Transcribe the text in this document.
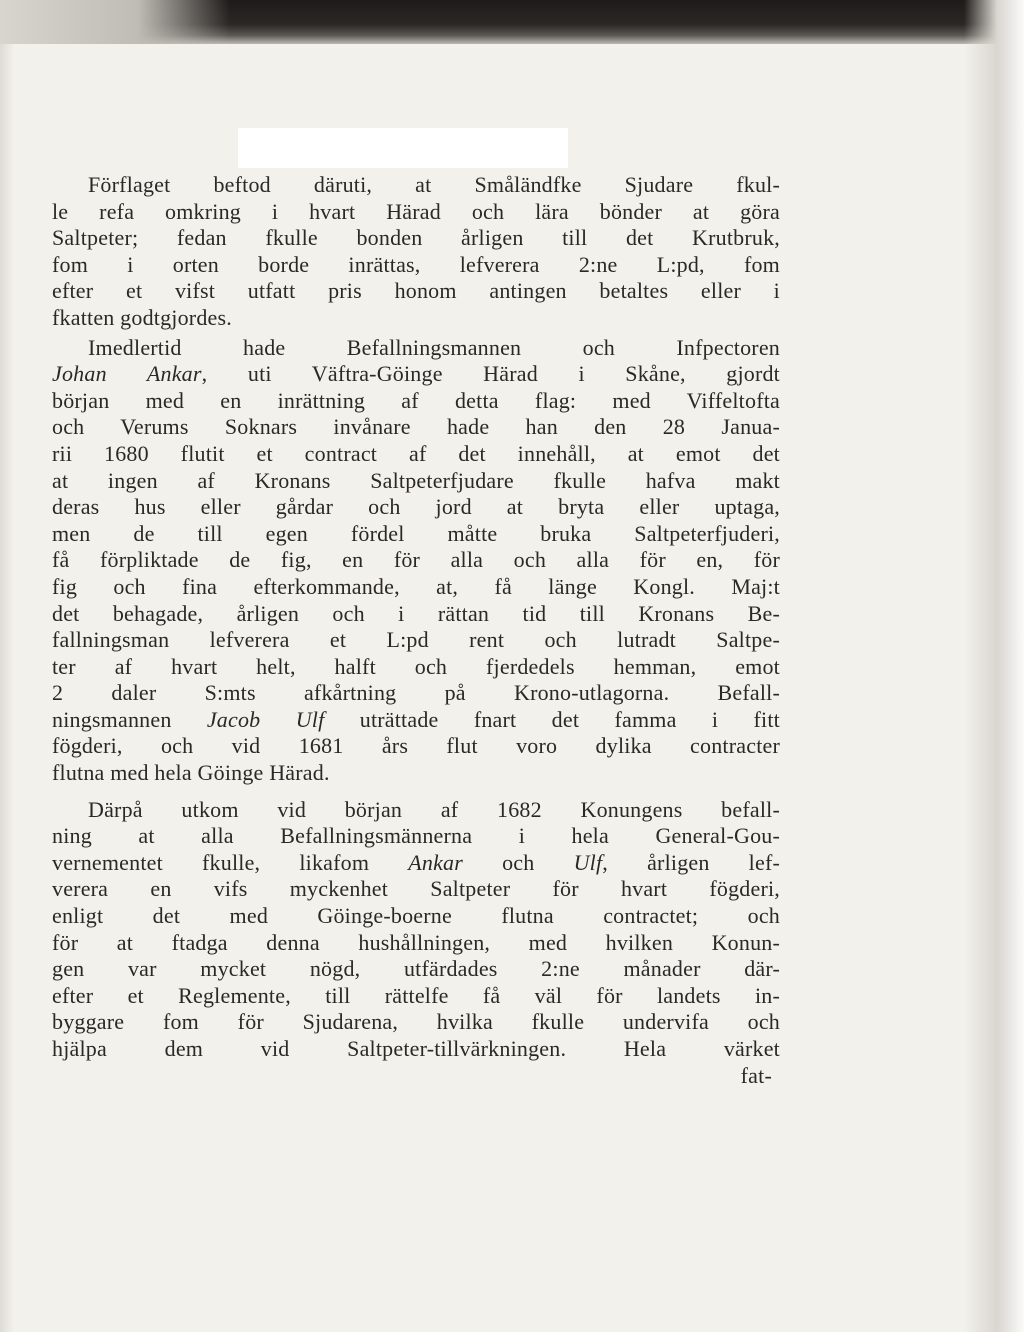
Förflaget beftod däruti, at Småländfke Sjudare fkul-
le refa omkring i hvart Härad och lära bönder at göra
Saltpeter; fedan fkulle bonden årligen till det Krutbruk,
fom i orten borde inrättas, lefverera 2:ne L:pd, fom
efter et vifst utfatt pris honom antingen betaltes eller i
fkatten godtgjordes.
Imedlertid hade Befallningsmannen och Infpectoren
Johan Ankar, uti Väftra-Göinge Härad i Skåne, gjordt
början med en inrättning af detta flag: med Viffeltofta
och Verums Soknars invånare hade han den 28 Janua-
rii 1680 flutit et contract af det innehåll, at emot det
at ingen af Kronans Saltpeterfjudare fkulle hafva makt
deras hus eller gårdar och jord at bryta eller uptaga,
men de till egen fördel måtte bruka Saltpeterfjuderi,
få förpliktade de fig, en för alla och alla för en, för
fig och fina efterkommande, at, få länge Kongl. Maj:t
det behagade, årligen och i rättan tid till Kronans Be-
fallningsman lefverera et L:pd rent och lutradt Saltpe-
ter af hvart helt, halft och fjerdedels hemman, emot
2 daler S:mts afkårtning på Krono-utlagorna. Befall-
ningsmannen Jacob Ulf uträttade fnart det famma i fitt
fögderi, och vid 1681 års flut voro dylika contracter
flutna med hela Göinge Härad.
Därpå utkom vid början af 1682 Konungens befall-
ning at alla Befallningsmännerna i hela General-Gou-
vernementet fkulle, likafom Ankar och Ulf, årligen lef-
verera en vifs myckenhet Saltpeter för hvart fögderi,
enligt det med Göinge-boerne flutna contractet; och
för at ftadga denna hushållningen, med hvilken Konun-
gen var mycket nögd, utfärdades 2:ne månader där-
efter et Reglemente, till rättelfe få väl för landets in-
byggare fom för Sjudarena, hvilka fkulle undervifa och
hjälpa dem vid Saltpeter-tillvärkningen. Hela värket
fat-
